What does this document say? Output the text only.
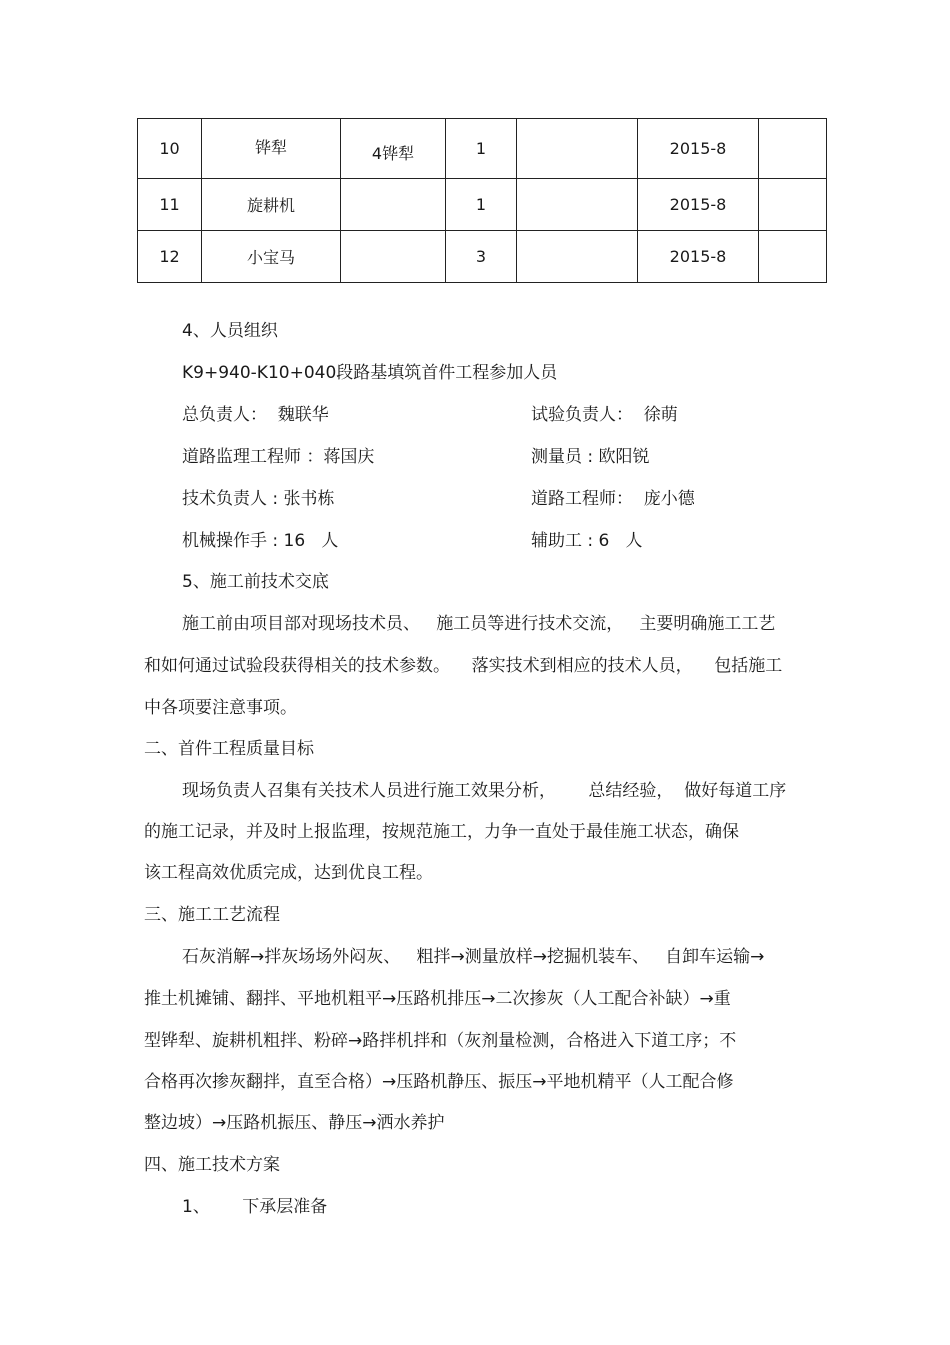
10	铧犁	4铧犁	1		2015-8	
11	旋耕机		1		2015-8	
12	小宝马		3		2015-8	
4、人员组织
K9+940-K10+040段路基填筑首件工程参加人员
总负责人：  魏联华	试验负责人：  徐萌
道路监理工程师 ：蒋国庆	测量员 : 欧阳锐
技术负责人 : 张书栋	道路工程师：  庞小德
机械操作手 : 16   人	辅助工 : 6   人
5、施工前技术交底
施工前由项目部对现场技术员、   施工员等进行技术交流，   主要明确施工工艺
和如何通过试验段获得相关的技术参数。    落实技术到相应的技术人员，    包括施工
中各项要注意事项。
二、首件工程质量目标
现场负责人召集有关技术人员进行施工效果分析，      总结经验，  做好每道工序
的施工记录，并及时上报监理，按规范施工，力争一直处于最佳施工状态，确保
该工程高效优质完成，达到优良工程。
三、施工工艺流程
石灰消解→拌灰场场外闷灰、   粗拌→测量放样→挖掘机装车、   自卸车运输→
推土机摊铺、翻拌、平地机粗平→压路机排压→二次掺灰（人工配合补缺）→重
型铧犁、旋耕机粗拌、粉碎→路拌机拌和（灰剂量检测，合格进入下道工序；不
合格再次掺灰翻拌，直至合格）→压路机静压、振压→平地机精平（人工配合修
整边坡）→压路机振压、静压→洒水养护
四、施工技术方案
1、      下承层准备
